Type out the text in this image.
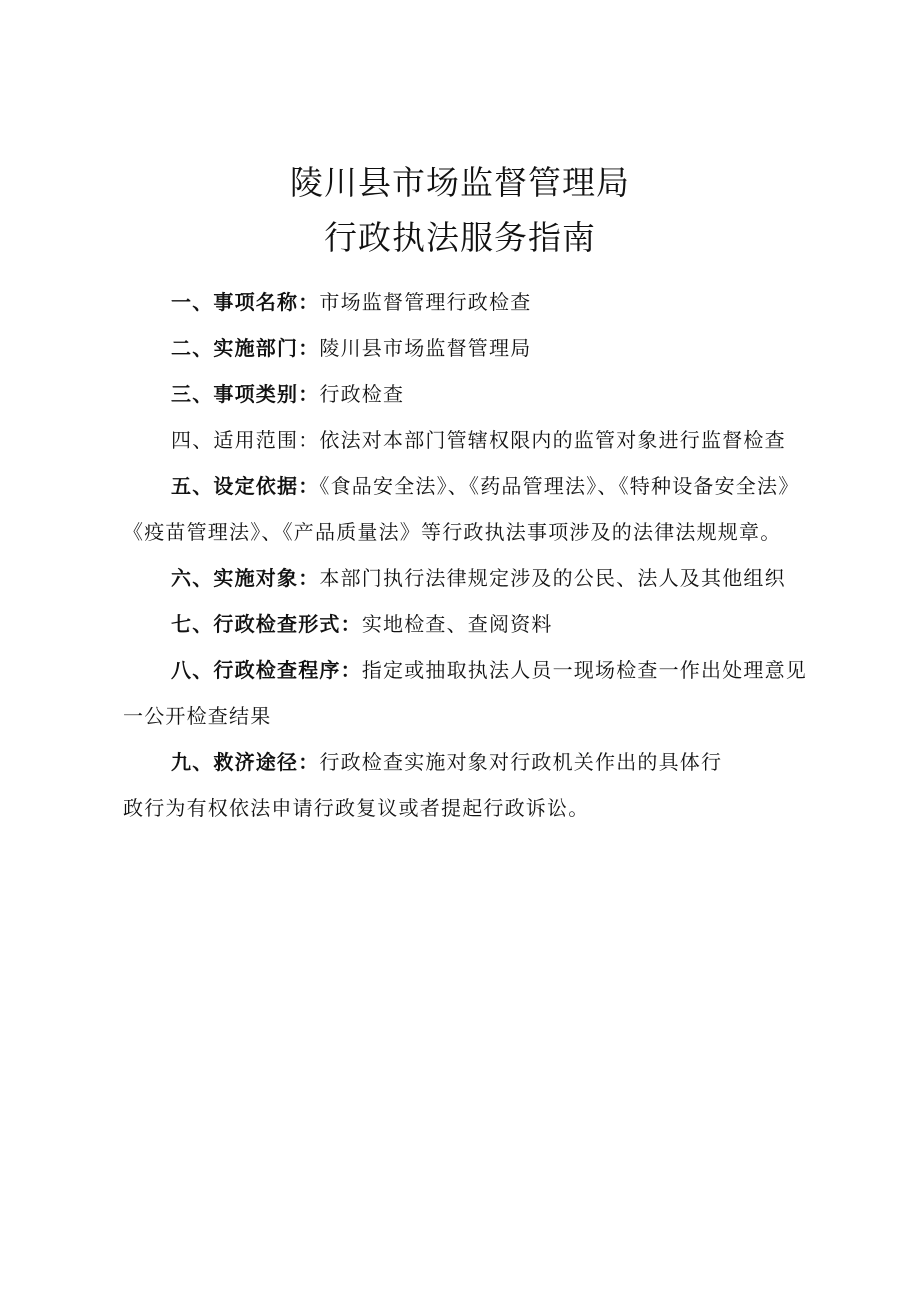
陵川县市场监督管理局
行政执法服务指南

一、事项名称：市场监督管理行政检查

二、实施部门：陵川县市场监督管理局

三、事项类别：行政检查

四、适用范围：依法对本部门管辖权限内的监管对象进行监督检查

五、设定依据：《食品安全法》、《药品管理法》、《特种设备安全法》《疫苗管理法》、《产品质量法》等行政执法事项涉及的法律法规规章。

六、实施对象：本部门执行法律规定涉及的公民、法人及其他组织

七、行政检查形式：实地检查、查阅资料

八、行政检查程序：指定或抽取执法人员一现场检查一作出处理意见一公开检查结果

九、救济途径：行政检查实施对象对行政机关作出的具体行
政行为有权依法申请行政复议或者提起行政诉讼。
